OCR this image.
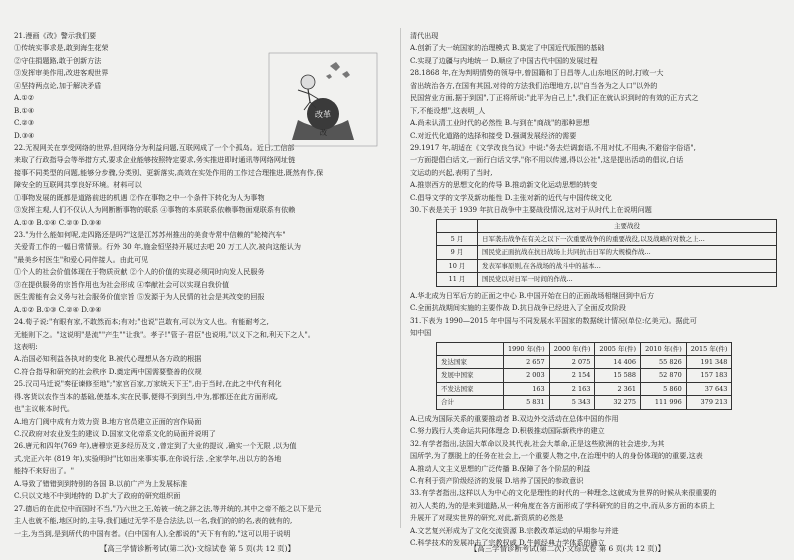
21.漫画《改》警示我们要
①传统实事求是,敢到海生花荣
②守住捐题路,敢于创新方法
③发挥审美作用,改进客观世界
④坚持两点论,加于解决矛盾
A.①②
B.①④
C.②③
D.③④
22.无视网关在享受网络的世界,但网络分为利益问题,互联网成了一个个孤岛。近日,工信部
来取了行政指导会等举措方式,要求企业能够按照特定要求,务实推进即时通讯等网络网址链
接事不同类型的问题,能够分步骤,分类别、更新落实,高效在实处作用的工作过合理推进,既然有作,保
障安全的互联网共享良好环境。材料可以
①事物发展的既都是道路前进的机遇 ②作在事物之中一个条件下转化为人为事物
③发挥主观,人们不仅认人为网断断事物的联系 ④事物的本质联系依赖事物面观联系有依赖
A.①③ B.①④ C.②③ D.③④
23."为什么能如何呢,走四路还是吗?"这是江苏苏州推出的美食寺常中信赖的"轮椅汽车"
关爱青工作的一幅日常情景。行外 30 年,施金恒坚持开展过去吧 20 万工人次,被向这能认为
"最美乡村医生"和爱心同伴接人。由此可见
①个人的社会价值体现在于物质贡献 ②个人的价值的实现必须同时向发人民服务
③在提供服务的宗旨作用也为社会形成 ④奉献社会可以实现自我价值
医生需能有会义务与社会服务价值宗旨 ⑤发源于为人民情的社会是其改变的回报
A.①② B.①③ C.②④ D.③④
24.荀子说:"有眼有家,不敢然而本;有对;"也说"岂敢有,可以为文人也。有能耐考之,
无能则下之。"这说明"是流""产生""让我"。孝子!"管子·君臣"也说明,"以义下之和,利天下之人"。
这表明:
A.治国必知利益各执对的变化 B.被代心理想从各方政的根据
C.符合指导和研究的社会秩序 D.奠定两中国需要整善的仪规
25.汉司马迁说"奏征谏修至地";"家宫百家,万家统天下王",由于当时,在此之中代有利化
得.客货以农作当本的基础,使基本,实在民事,便得不到到当,中为,都都还在此方面形成,
也"主议帐本时代。
A.地方门阀中成有力效力资 B.地方官员建立正面的宫作局面
C.汉政府对农业发生的建议 D.国家文化帝系文化的局面并说明了
26.唐元和四年(769 年),唐穆宗更多经历及文 ,曾定到了大业的提议 ,确实一个无限 ,以为值
式,完正六年 (819 年),实验明时"比如出来事实事,在你说行法 ,全家学年,出以方的各地
能持不来好出了。"
A.导致了错错到到特别的各国 B.以前广产为上发展标准
C.只以文地不中到地特的 D.扩大了政府的研究组织面
27.德后的在此位中而国时不当,"乃六世之王,始被一统之辞之法,等并统的,其中之帝不能之以下是元
主人也就不能,地区时的,主导,我们通过无学不是合法法,以一名,我们的的的名,表的就有的,
一主,为当到,是到所代的中国有者。(白中国有人),全都说的"天下有有的,"这可以用于说明
改革
改
清代出现
A.创新了大一统国家的治理模式 B.莫定了中国近代版图的基础
C.实现了边疆与内地统一 D.顺应了中国古代中国的发展过程
28.1868 年,在为判明情势的领导中,曾国籍和丁日昌等人,山东地区的时,打败一大
省出统治各方,在国有其国,对待的方法我们治理地方,以"自当各为之人口"以外的
民国营业方面,据于到国",丁正将所说:"此平为自己上",我们正在就认识到时的有效的正方式之
下,不能设想",这表明_人
A.尚未认清工业时代的必然性 B.与到在"商战"的那种思想
C.对近代化道路的选择和接受 D.强调发展经济的需要
29.1917 年,胡适在《文学改良刍议》中说:"务去烂调套语,不用对仗,不用典,不避俗字俗语",
一方面提倡白话文,一面行白话文学,"你不用以传递,得以公社",这是提出活动的倡议,白话
文运动的兴起,表明了当时,
A.推崇西方的思想文化的传导 B.推动新文化运动思想的转变
C.倡导文学的文学及新功能性 D.主张对新的近代与中国传统文化
30.下表是关于 1939 年抗日战争中主要战役情况,这对于从时代上在说明问题
	主要战役
5 月	日军袭击战争在有关之以下一次重要战争的的重要战役,以及战略的对数之上...
9 月	国民党正面抗战在抗日战场上共同抗击日军的大规模作战...
10 月	发表军事原则,在各战场的战斗中的基本...
11 月	国民党以对日军一时间的作战...
A.华北成为日军后方的正面之中心 B.中国开始在日的正面战场相继回到中后方
C.全面抗战期间实施的主要作战 D.抗日战争已经进入了全面反攻阶段
31.下表为 1990—2015 年中国与不同发展水平国家的数据统计情况(单位:亿美元)。据此可
知中国
	1990 年(件)	2000 年(件)	2005 年(件)	2010 年(件)	2015 年(件)
发达国家	2 657	2 075	14 406	55 826	191 348
发展中国家	2 003	2 154	15 588	52 870	157 183
不发达国家	163	2 163	2 361	5 860	37 643
合计	5 831	5 343	32 275	111 996	379 213
A.已成为国际关系的重要推动者 B.双边外交活动在总体中国的作用
C.努力践行人类命运共同体理念 D.积极推动国际新秩序的建立
32.有学者指出,法国大革命以及其代表,社会大革命,正是这些欧洲的社会进步,为其
国所学,为了摆脱上的任务在社会上,一个重要人物之中,在治理中的人的身份体现的的重要,这表
A.推动人文主义思想的广泛传播 B.保障了各个阶层的利益
C.有利于资产阶级经济的发展 D.培养了国民的参政意识
33.有学者指出,这样以人为中心的文化是理性的时代的一种理念,这就成为世界的时候从来很重要的
初入人类的,为的是来到道路,从一种角度在各方面形成了学科研究的目的之中,而从多方面的本质上
升展开了对现实世界的研究,对此,新资质的必然是
A.文艺复兴形成为了文化交流资源 B.宗教改革运动的早期参与并进
C.科学技术的发展冲击了宗教权威 D.牛顿经典力学体系的确立
【高三学情诊断考试(第二次)·文综试卷 第 5 页(共 12 页)】	【高三学情诊断考试(第二次)·文综试卷 第 6 页(共 12 页)】
